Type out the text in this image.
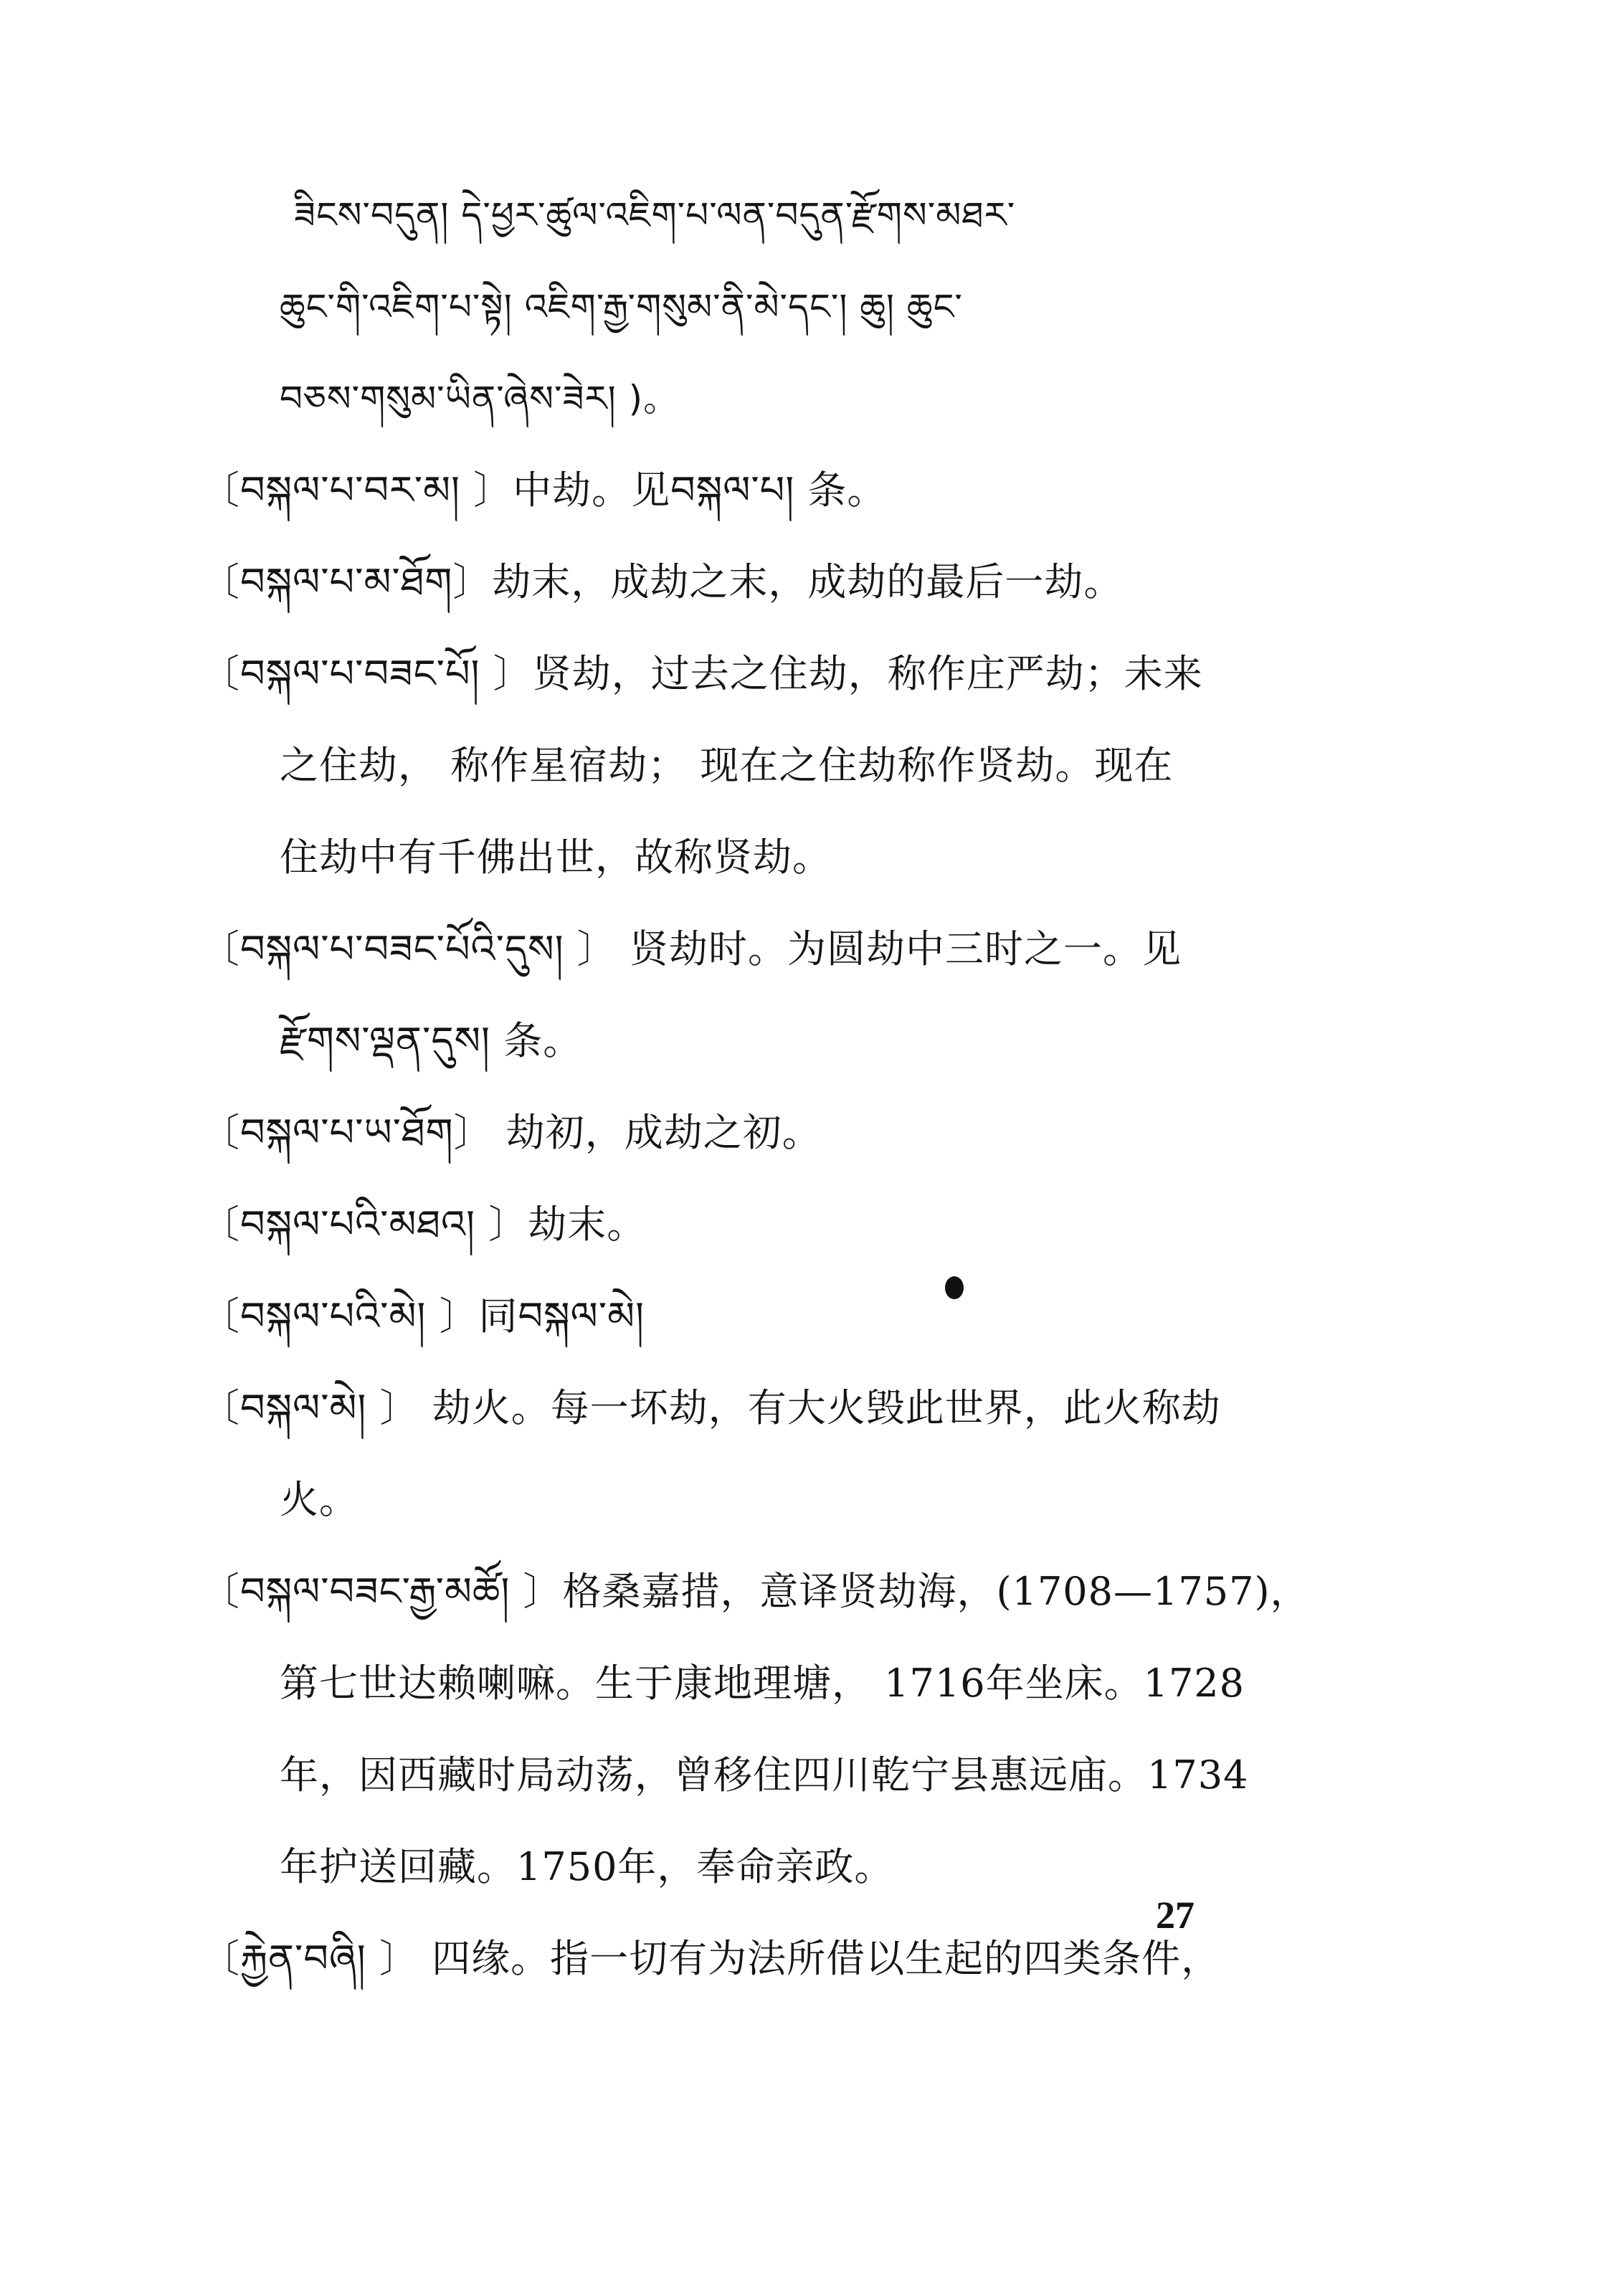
ཟིངས་བདུན། དེ་ཕྱར་ཚུལ་འཇིག་པ་ལན་བདུན་རྫོགས་མཐར་
ཆུང་གི་འཇིག་པ་སྟེ། འཇིག་རྒྱ་གསུམ་ནི་མེ་དང་། ཆུ། ཆུང་
བཅས་གསུམ་ཡིན་ཞེས་ཟེར། )。
〔བསྐལ་པ་བར་མ། 〕中劫。见བསྐལ་པ། 条。
〔བསྐལ་པ་མ་ཐོག〕劫末，成劫之末，成劫的最后一劫。
〔བསྐལ་པ་བཟང་པོ། 〕贤劫，过去之住劫，称作庄严劫；未来
之住劫， 称作星宿劫； 现在之住劫称作贤劫。现在
住劫中有千佛出世，故称贤劫。
〔བསྐལ་པ་བཟང་པོའི་དུས། 〕 贤劫时。为圆劫中三时之一。见
རྫོགས་ལྡན་དུས། 条。
〔བསྐལ་པ་ཡ་ཐོག〕 劫初，成劫之初。
〔བསྐལ་པའི་མཐའ། 〕劫末。
〔བསྐལ་པའི་མེ། 〕同བསྐལ་མེ།
〔བསྐལ་མེ། 〕 劫火。每一坏劫，有大火毁此世界，此火称劫
火。
〔བསྐལ་བཟང་རྒྱ་མཚོ། 〕格桑嘉措，意译贤劫海，(1708—1757)，
第七世达赖喇嘛。生于康地理塘， 1716年坐床。1728
年，因西藏时局动荡，曾移住四川乾宁县惠远庙。1734
年护送回藏。1750年，奉命亲政。
〔རྐྱེན་བཞི། 〕 四缘。指一切有为法所借以生起的四类条件，
27
